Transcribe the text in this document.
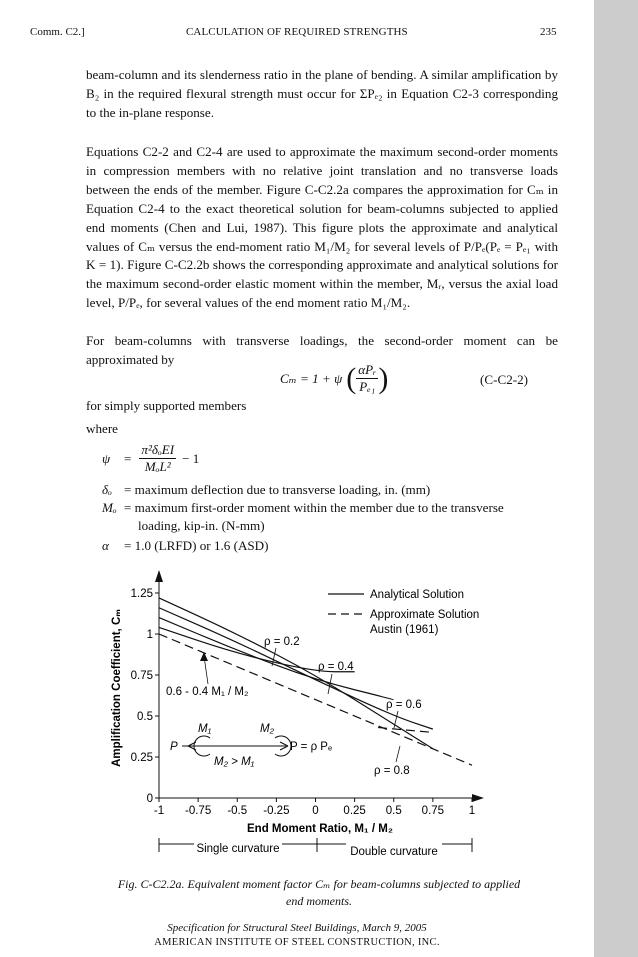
Comm. C2.]	CALCULATION OF REQUIRED STRENGTHS	235

beam-column and its slenderness ratio in the plane of bending. A similar amplification by B₂ in the required flexural strength must occur for ΣPₑ₂ in Equation C2-3 corresponding to the in-plane response.

Equations C2-2 and C2-4 are used to approximate the maximum second-order moments in compression members with no relative joint translation and no transverse loads between the ends of the member. Figure C-C2.2a compares the approximation for Cₘ in Equation C2-4 to the exact theoretical solution for beam-columns subjected to applied end moments (Chen and Lui, 1987). This figure plots the approximate and analytical values of Cₘ versus the end-moment ratio M₁/M₂ for several levels of P/Pₑ(Pₑ = Pₑ₁ with K = 1). Figure C-C2.2b shows the corresponding approximate and analytical solutions for the maximum second-order elastic moment within the member, Mᵣ, versus the axial load level, P/Pₑ, for several values of the end moment ratio M₁/M₂.

For beam-columns with transverse loadings, the second-order moment can be approximated by

Cₘ = 1 + ψ ( αPᵣ
Pₑ₁ )	(C-C2-2)
for simply supported members
where
ψ	=
π²δₒEI
MₒL²
− 1
δₒ = maximum deflection due to transverse loading, in. (mm)
Mₒ = maximum first-order moment within the member due to the transverse
loading, kip-in. (N-mm)
α = 1.0 (LRFD) or 1.6 (ASD)
0
0.25
0.5
0.75
1
1.25
-1 -0.75 -0.5 -0.25 0 0.25 0.5 0.75 1
Analytical Solution
Approximate Solution
Austin (1961)
ρ = 0.2
ρ = 0.4
ρ = 0.6
ρ = 0.8
0.6 - 0.4 M₁ / M₂
P
M₁	M₂
P = ρ Pₑ
M₂ > M₁
End Moment Ratio, M₁ / M₂
Amplification Coefficient, Cₘ
Single curvature	Double curvature
Fig. C-C2.2a. Equivalent moment factor Cₘ for beam-columns subjected to applied
end moments.
Specification for Structural Steel Buildings, March 9, 2005
AMERICAN INSTITUTE OF STEEL CONSTRUCTION, INC.
